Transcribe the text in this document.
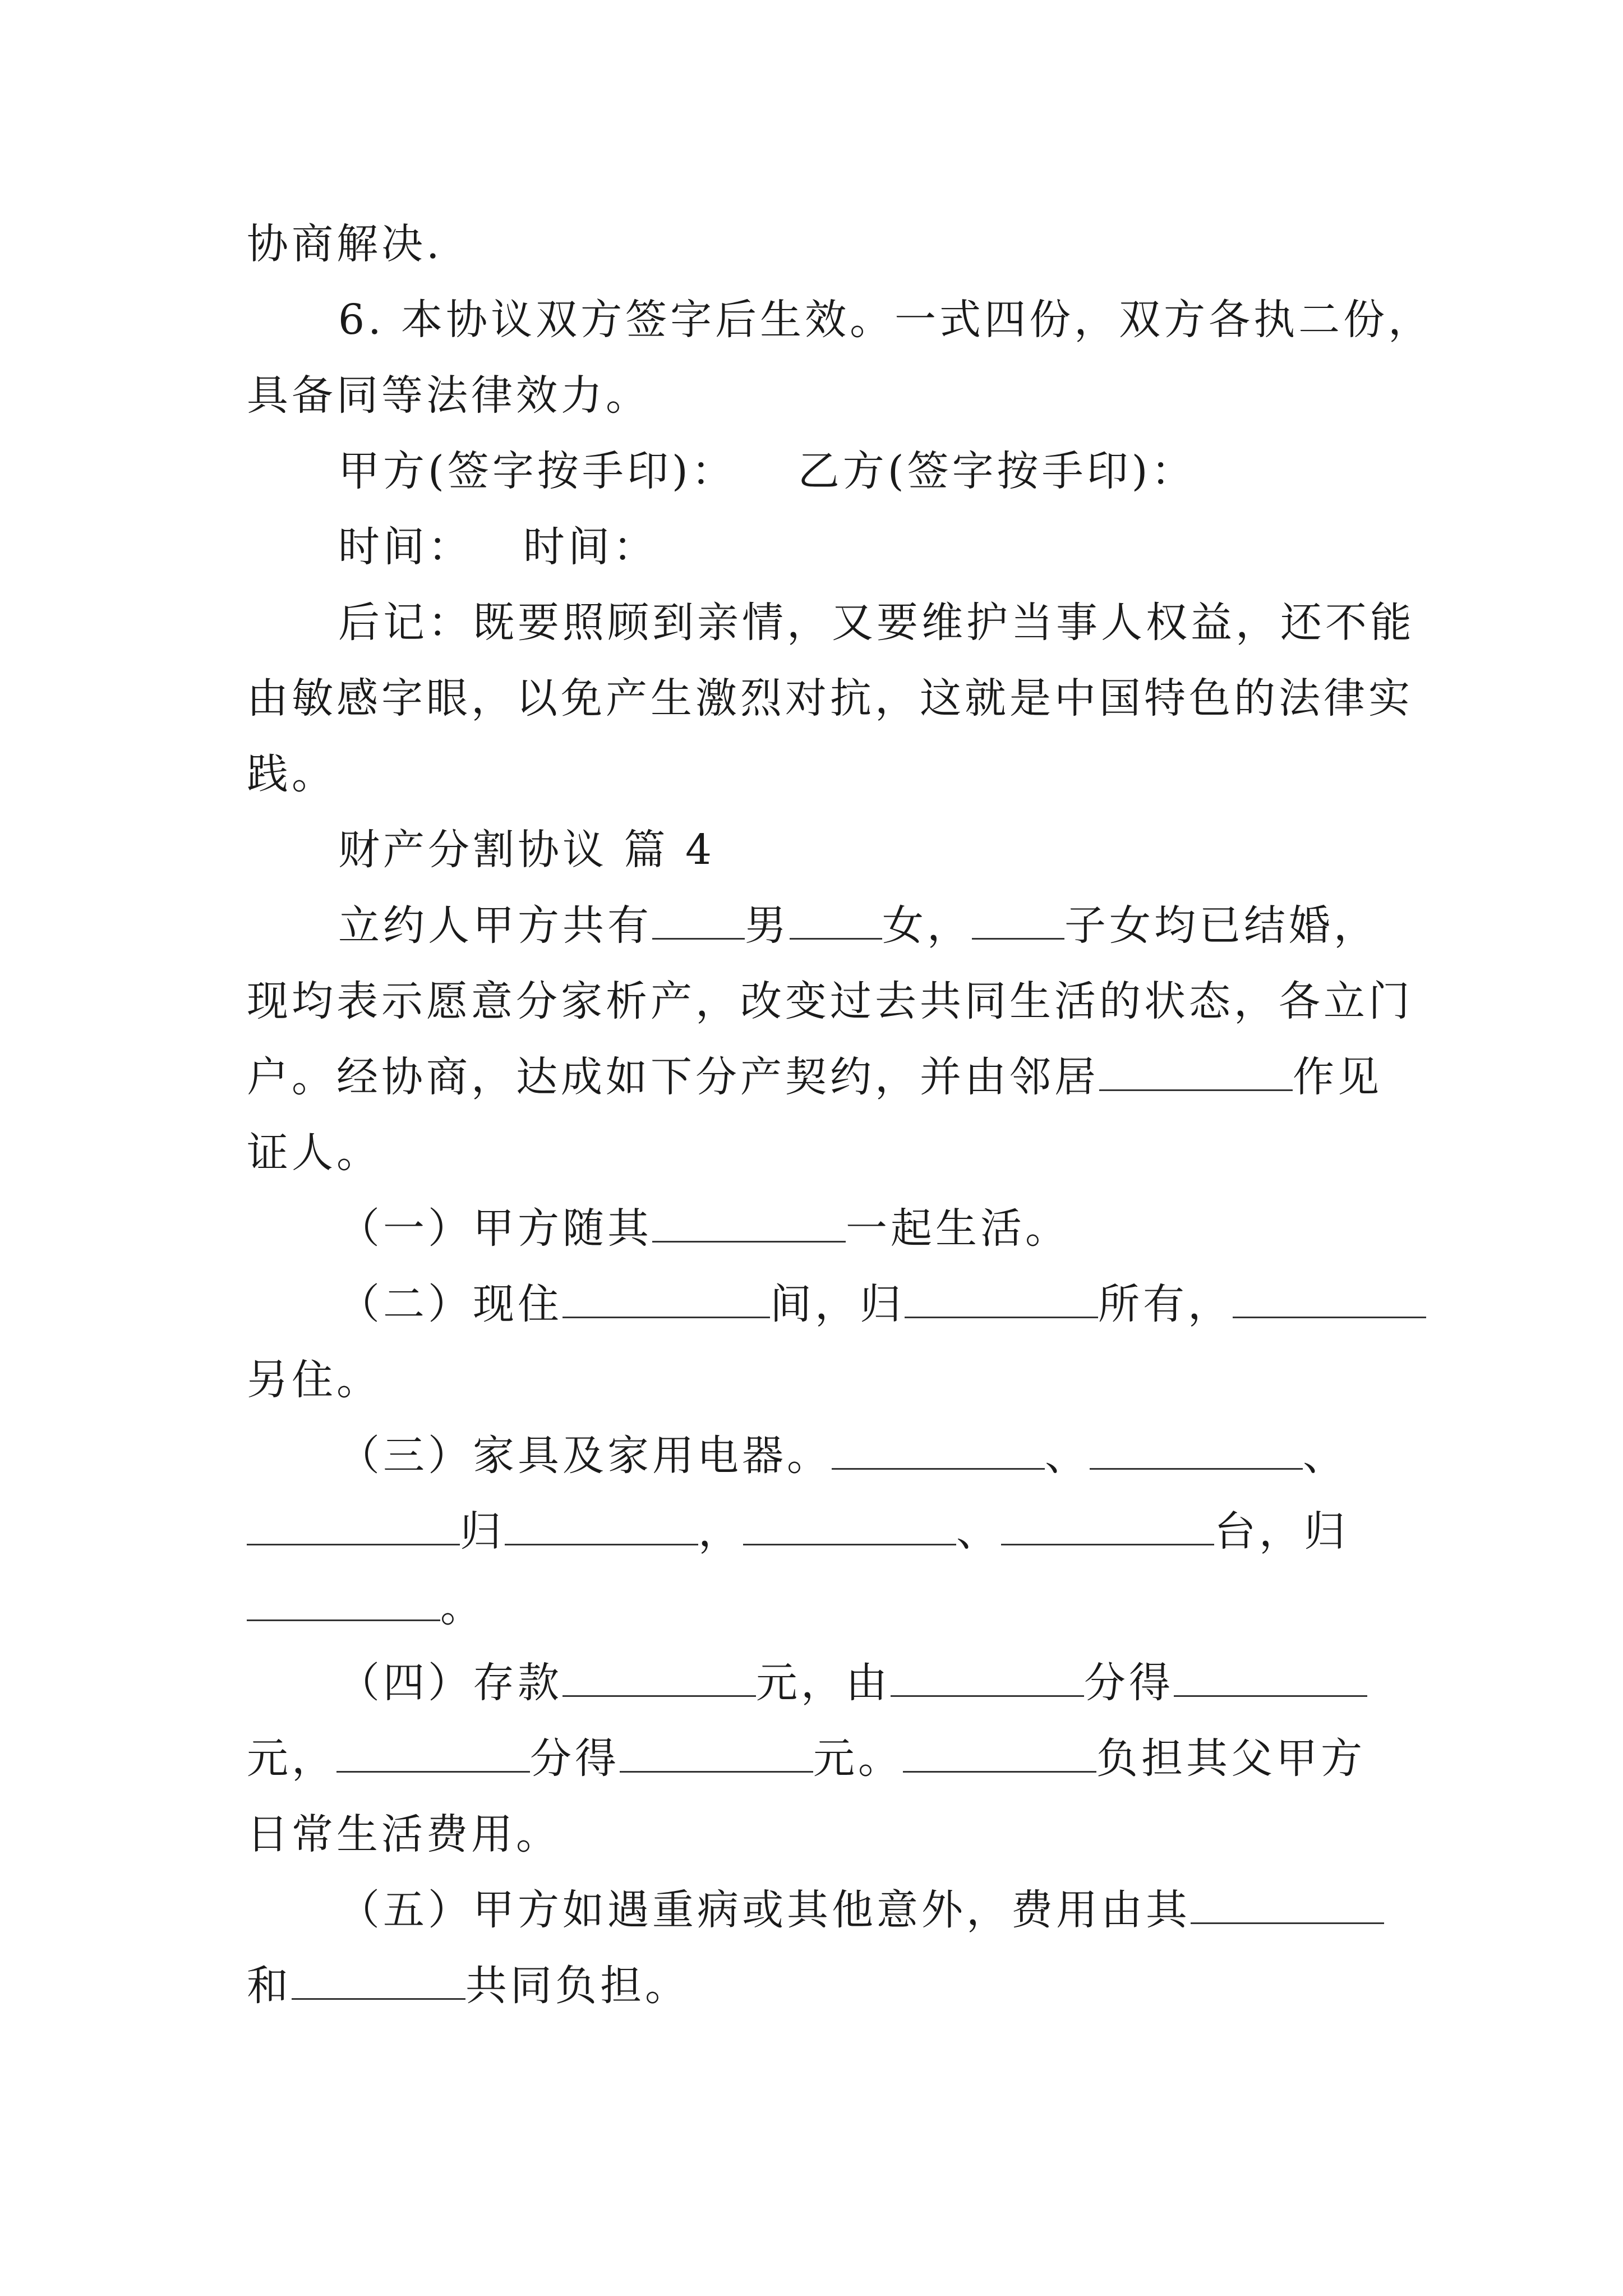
协商解决.
6. 本协议双方签字后生效。一式四份，双方各执二份，
具备同等法律效力。
甲方(签字按手印)： 乙方(签字按手印)：
时间： 时间：
后记：既要照顾到亲情，又要维护当事人权益，还不能
由敏感字眼，以免产生激烈对抗，这就是中国特色的法律实
践。
财产分割协议 篇 4
立约人甲方共有 男 女， 子女均已结婚，
现均表示愿意分家析产，改变过去共同生活的状态，各立门
户。经协商，达成如下分产契约，并由邻居	作见
证人。
（一）甲方随其	一起生活。
（二）现住	间，归	所有，
另住。
（三）家具及家用电器。	、	、
归	，	、	台，归
。
（四）存款	元，由	分得
元，	分得	元。	负担其父甲方
日常生活费用。
（五）甲方如遇重病或其他意外，费用由其
和	共同负担。
